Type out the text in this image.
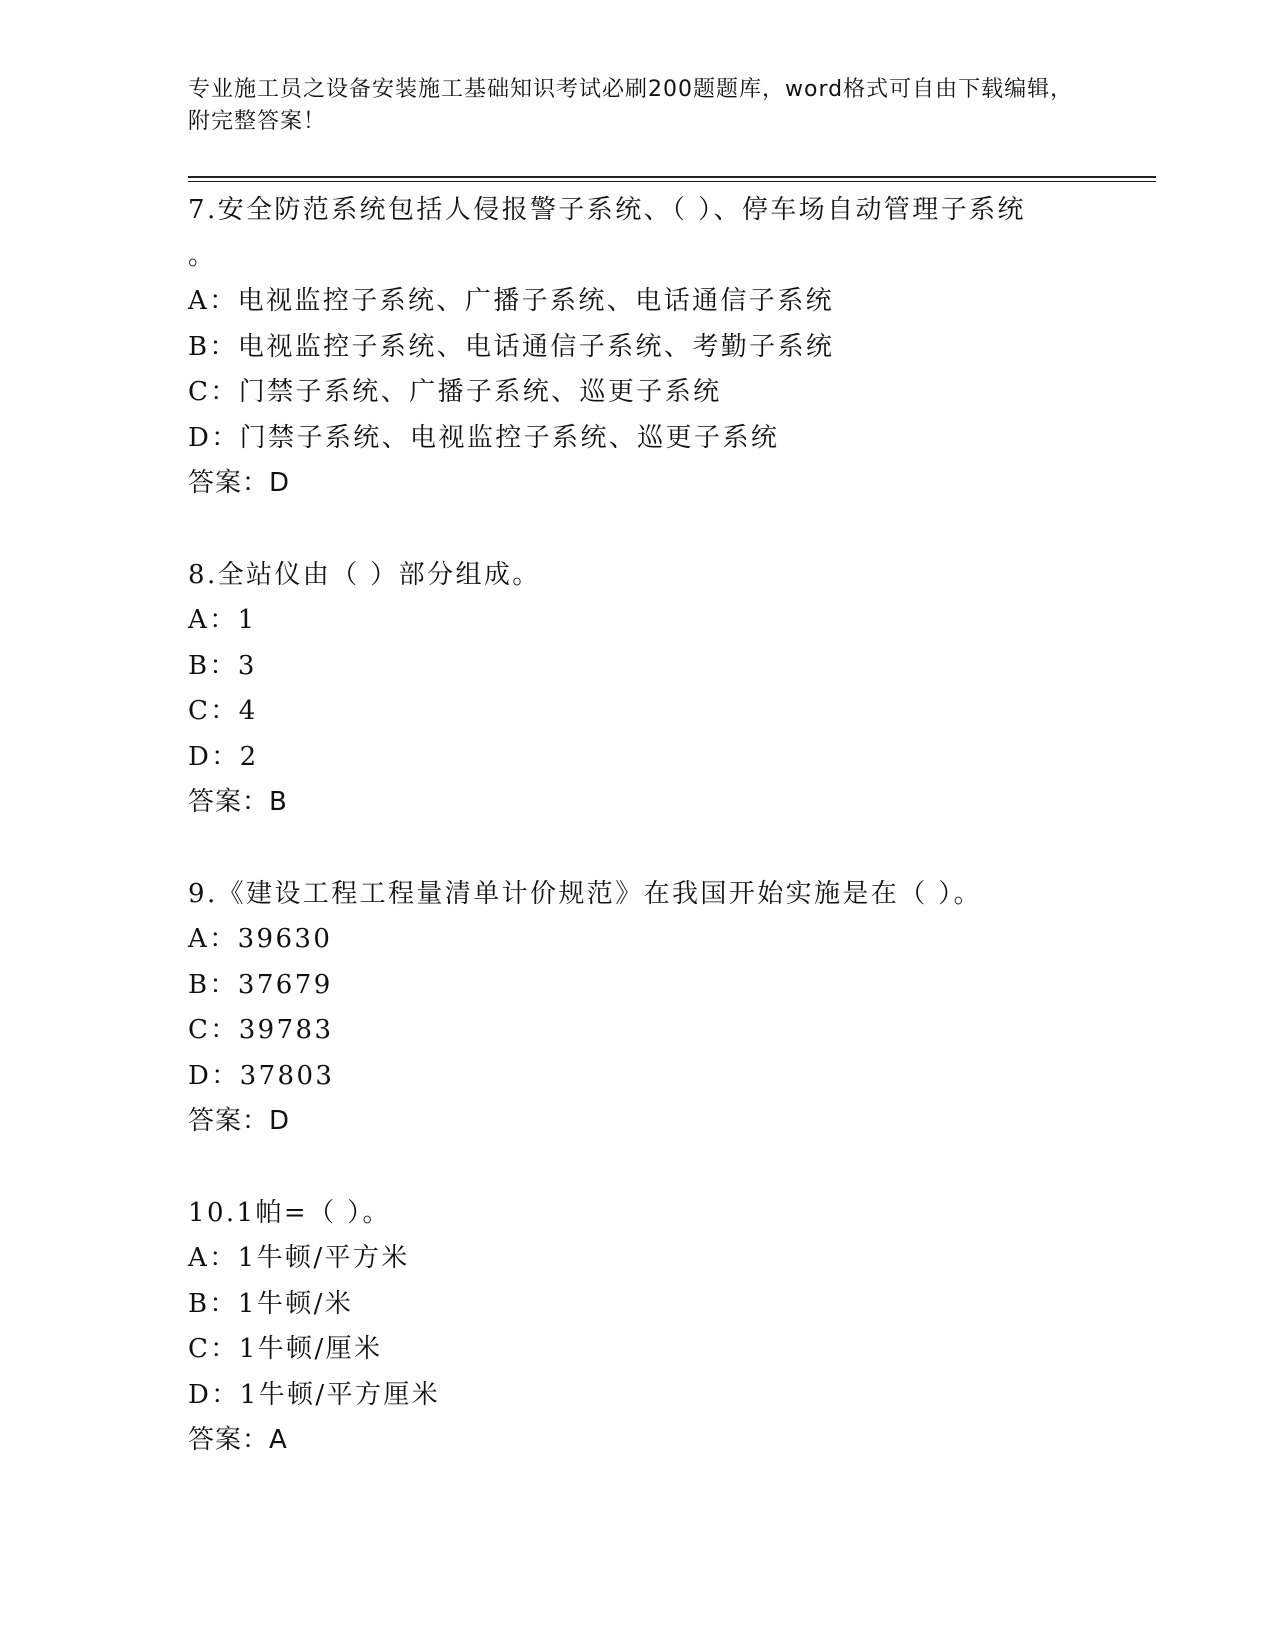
专业施工员之设备安装施工基础知识考试必刷200题题库，word格式可自由下载编辑，附完整答案！
7.安全防范系统包括人侵报警子系统、（ ）、停车场自动管理子系统
。
A：电视监控子系统、广播子系统、电话通信子系统
B：电视监控子系统、电话通信子系统、考勤子系统
C：门禁子系统、广播子系统、巡更子系统
D：门禁子系统、电视监控子系统、巡更子系统
答案：D
8.全站仪由（ ）部分组成。
A：1
B：3
C：4
D：2
答案：B
9.《建设工程工程量清单计价规范》在我国开始实施是在（ ）。
A：39630
B：37679
C：39783
D：37803
答案：D
10.1帕=（ ）。
A：1牛顿/平方米
B：1牛顿/米
C：1牛顿/厘米
D：1牛顿/平方厘米
答案：A
